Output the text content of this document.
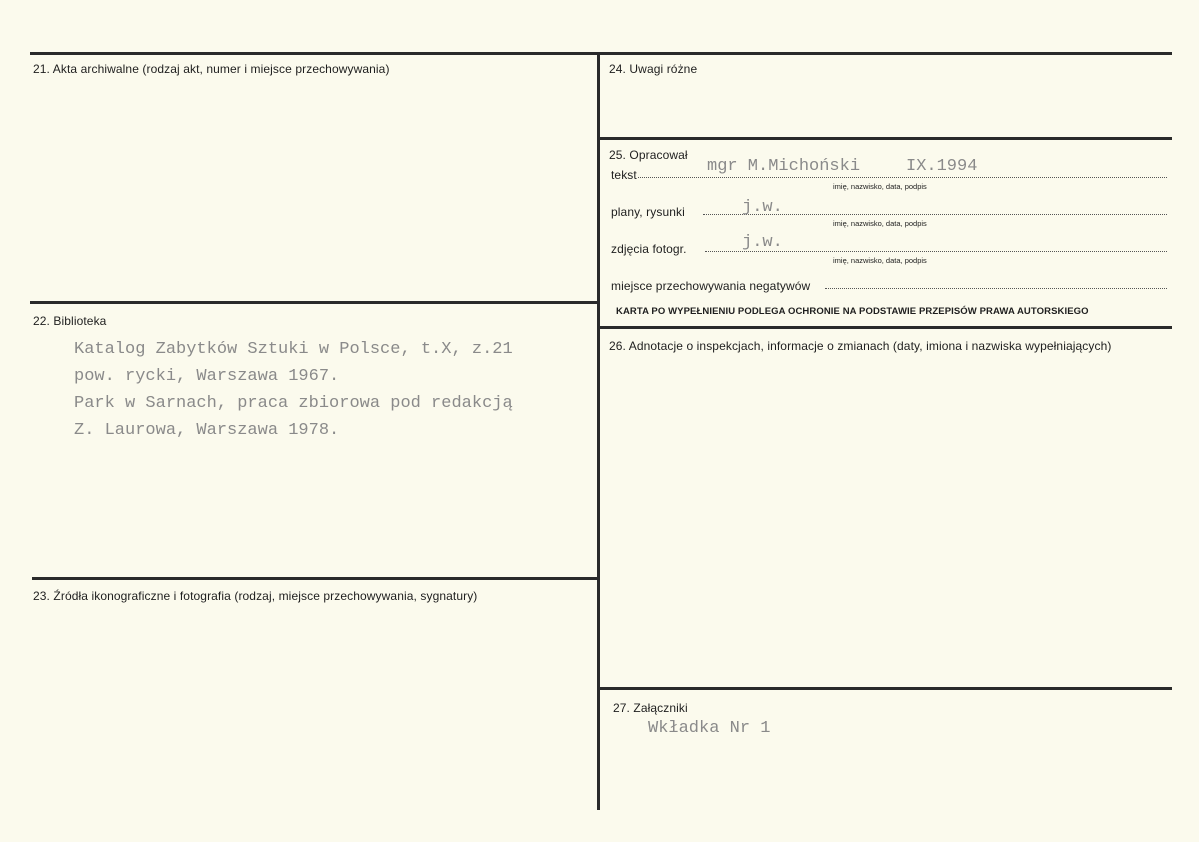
21. Akta archiwalne (rodzaj akt, numer i miejsce przechowywania)
22. Biblioteka
Katalog Zabytków Sztuki w Polsce, t.X, z.21
pow. rycki, Warszawa 1967.
Park w Sarnach, praca zbiorowa pod redakcją
Z. Laurowa, Warszawa 1978.
23. Źródła ikonograficzne i fotografia (rodzaj, miejsce przechowywania, sygnatury)
24. Uwagi różne
25. Opracował
tekst	mgr M.Michoński	IX.1994
imię, nazwisko, data, podpis
plany, rysunki	j.w.
imię, nazwisko, data, podpis
zdjęcia fotogr.	j.w.
imię, nazwisko, data, podpis
miejsce przechowywania negatywów
KARTA PO WYPEŁNIENIU PODLEGA OCHRONIE NA PODSTAWIE PRZEPISÓW PRAWA AUTORSKIEGO
26. Adnotacje o inspekcjach, informacje o zmianach (daty, imiona i nazwiska wypełniających)
27. Załączniki
Wkładka Nr 1
